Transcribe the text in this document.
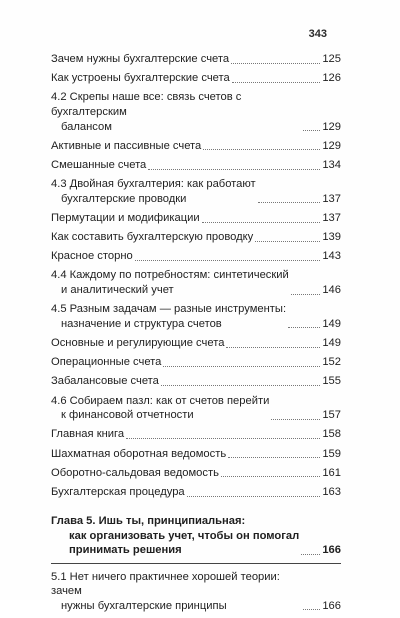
343
Зачем нужны бухгалтерские счета	125
Как устроены бухгалтерские счета	126
4.2 Скрепы наше все: связь счетов с бухгалтерским
балансом	129
Активные и пассивные счета	129
Смешанные счета	134
4.3 Двойная бухгалтерия: как работают
бухгалтерские проводки	137
Пермутации и модификации	137
Как составить бухгалтерскую проводку	139
Красное сторно	143
4.4 Каждому по потребностям: синтетический
и аналитический учет	146
4.5 Разным задачам — разные инструменты:
назначение и структура счетов	149
Основные и регулирующие счета	149
Операционные счета	152
Забалансовые счета	155
4.6 Собираем пазл: как от счетов перейти
к финансовой отчетности	157
Главная книга	158
Шахматная оборотная ведомость	159
Оборотно-сальдовая ведомость	161
Бухгалтерская процедура	163
Глава 5. Ишь ты, принципиальная:
как организовать учет, чтобы он помогал
принимать решения	166
5.1 Нет ничего практичнее хорошей теории: зачем
нужны бухгалтерские принципы	166
